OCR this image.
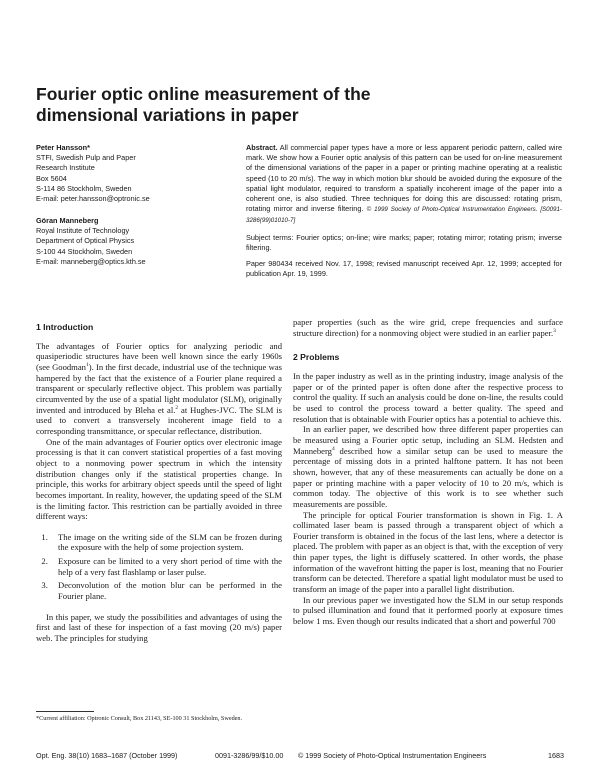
Fourier optic online measurement of the dimensional variations in paper

Peter Hansson*

STFI, Swedish Pulp and Paper

Research Institute

Box 5604

S-114 86 Stockholm, Sweden

E-mail: peter.hansson@optronic.se

Göran Manneberg

Royal Institute of Technology

Department of Optical Physics

S-100 44 Stockholm, Sweden

E-mail: manneberg@optics.kth.se

Abstract. All commercial paper types have a more or less apparent periodic pattern, called wire mark. We show how a Fourier optic analysis of this pattern can be used for on-line measurement of the dimensional variations of the paper in a paper or printing machine operating at a realistic speed (10 to 20 m/s). The way in which motion blur should be avoided during the exposure of the spatial light modulator, required to transform a spatially incoherent image of the paper into a coherent one, is also studied. Three techniques for doing this are discussed: rotating prism, rotating mirror and inverse filtering. © 1999 Society of Photo-Optical Instrumentation Engineers. [S0091-3286(99)01010-7]

Subject terms: Fourier optics; on-line; wire marks; paper; rotating mirror; rotating prism; inverse filtering.

Paper 980434 received Nov. 17, 1998; revised manuscript received Apr. 12, 1999; accepted for publication Apr. 19, 1999.

1 Introduction

The advantages of Fourier optics for analyzing periodic and quasiperiodic structures have been well known since the early 1960s (see Goodman$^1$). In the first decade, industrial use of the technique was hampered by the fact that the existence of a Fourier plane required a transparent or specularly reflective object. This problem was partially circumvented by the use of a spatial light modulator (SLM), originally invented and introduced by Blehа et al.$^2$ at Hughes-JVC. The SLM is used to convert a transversely incoherent image field to a corresponding transmittance, or specular reflectance, distribution.

One of the main advantages of Fourier optics over electronic image processing is that it can convert statistical properties of a fast moving object to a nonmoving power spectrum in which the intensity distribution changes only if the statistical properties change. In principle, this works for arbitrary object speeds until the speed of light becomes important. In reality, however, the updating speed of the SLM is the limiting factor. This restriction can be partially avoided in three different ways:

1. The image on the writing side of the SLM can be frozen during the exposure with the help of some projection system.
2. Exposure can be limited to a very short period of time with the help of a very fast flashlamp or laser pulse.
3. Deconvolution of the motion blur can be performed in the Fourier plane.

In this paper, we study the possibilities and advantages of using the first and last of these for inspection of a fast moving (20 m/s) paper web. The principles for studying

paper properties (such as the wire grid, crepe frequencies and surface structure direction) for a nonmoving object were studied in an earlier paper.$^3$

2 Problems

In the paper industry as well as in the printing industry, image analysis of the paper or of the printed paper is often done after the respective process to control the quality. If such an analysis could be done on-line, the results could be used to control the process toward a better quality. The speed and resolution that is obtainable with Fourier optics has a potential to achieve this.

In an earlier paper, we described how three different paper properties can be measured using a Fourier optic setup, including an SLM. Hedsten and Manneberg$^4$ described how a similar setup can be used to measure the percentage of missing dots in a printed halftone pattern. It has not been shown, however, that any of these measurements can actually be done on a paper or printing machine with a paper velocity of 10 to 20 m/s, which is common today. The objective of this work is to see whether such measurements are possible.

The principle for optical Fourier transformation is shown in Fig. 1. A collimated laser beam is passed through a transparent object of which a Fourier transform is obtained in the focus of the last lens, where a detector is placed. The problem with paper as an object is that, with the exception of very thin paper types, the light is diffusely scattered. In other words, the phase information of the wavefront hitting the paper is lost, meaning that no Fourier transform can be detected. Therefore a spatial light modulator must be used to transform an image of the paper into a parallel light distribution.

In our previous paper we investigated how the SLM in our setup responds to pulsed illumination and found that it performed poorly at exposure times below 1 ms. Even though our results indicated that a short and powerful 700

*Current affiliation: Optronic Consult, Box 21143, SE-100 31 Stockholm, Sweden.

Opt. Eng. 38(10) 1683–1687 (October 1999)	0091-3286/99/$10.00 © 1999 Society of Photo-Optical Instrumentation Engineers	1683
